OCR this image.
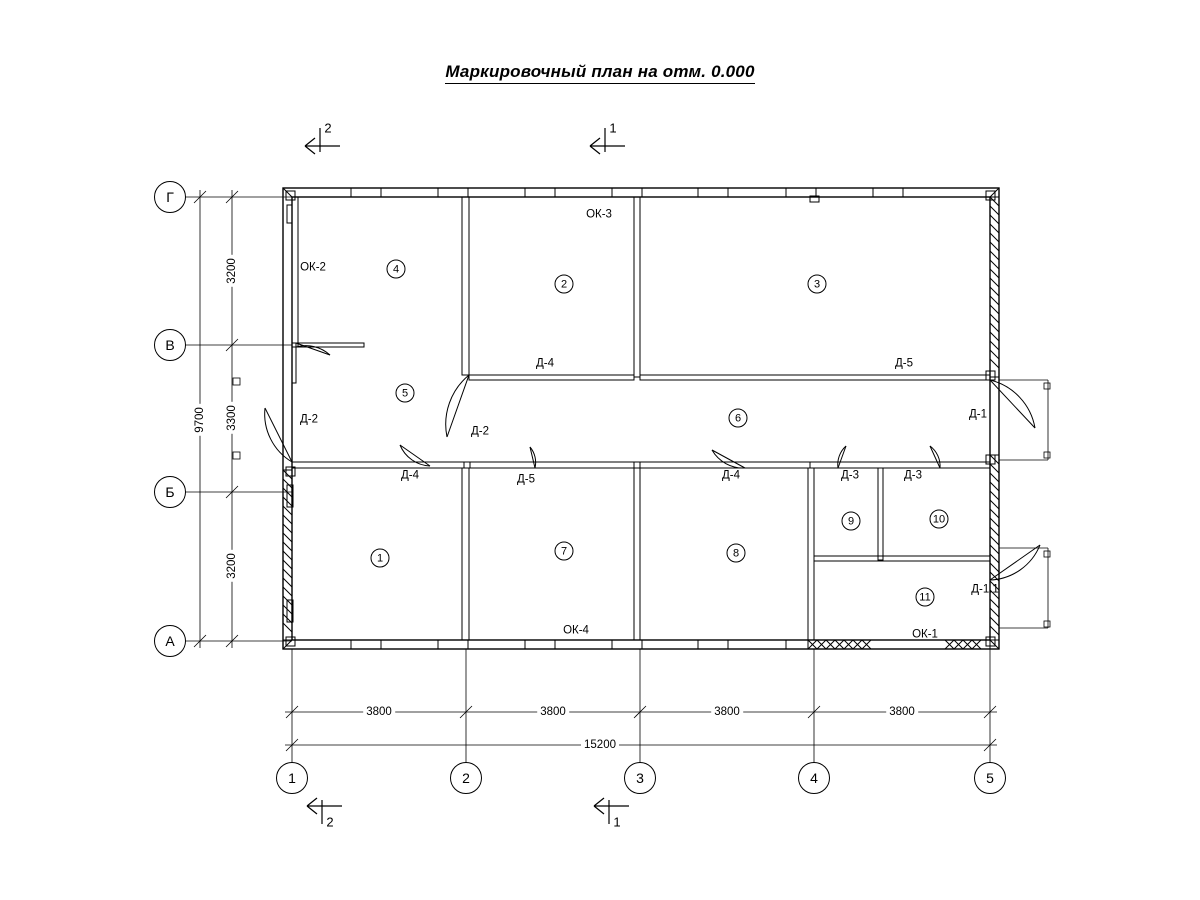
Маркировочный план на отм. 0.000
1	2	3	4	5
Г
В
Б
А
3800	3800	3800	3800
15200
3200
3300
3200
9700
2	1
2	1
4
2	3
5
6
1
7	8
9	10
11
ОК-2
ОК-3
ОК-4	ОК-1
Д-4	Д-5
Д-1
Д-2
Д-2
Д-4	Д-5	Д-4	Д-3	Д-3
Д-1.1
